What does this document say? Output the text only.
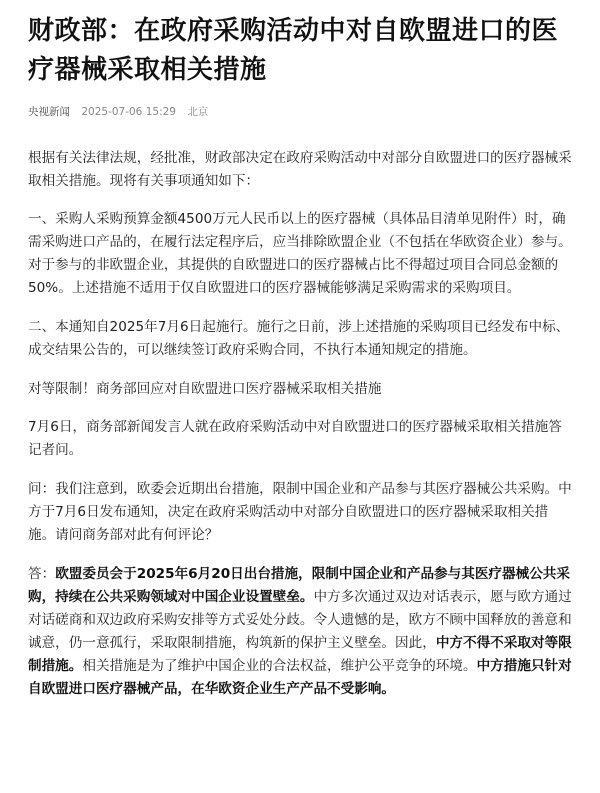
财政部：在政府采购活动中对自欧盟进口的医疗器械采取相关措施
央视新闻 2025-07-06 15:29 北京

根据有关法律法规，经批准，财政部决定在政府采购活动中对部分自欧盟进口的医疗器械采取相关措施。现将有关事项通知如下：

一、采购人采购预算金额4500万元人民币以上的医疗器械（具体品目清单见附件）时，确需采购进口产品的，在履行法定程序后，应当排除欧盟企业（不包括在华欧资企业）参与。对于参与的非欧盟企业，其提供的自欧盟进口的医疗器械占比不得超过项目合同总金额的50%。上述措施不适用于仅自欧盟进口的医疗器械能够满足采购需求的采购项目。

二、本通知自2025年7月6日起施行。施行之日前，涉上述措施的采购项目已经发布中标、成交结果公告的，可以继续签订政府采购合同，不执行本通知规定的措施。

对等限制！商务部回应对自欧盟进口医疗器械采取相关措施

7月6日，商务部新闻发言人就在政府采购活动中对自欧盟进口的医疗器械采取相关措施答记者问。

问：我们注意到，欧委会近期出台措施，限制中国企业和产品参与其医疗器械公共采购。中方于7月6日发布通知，决定在政府采购活动中对部分自欧盟进口的医疗器械采取相关措施。请问商务部对此有何评论？

答：欧盟委员会于2025年6月20日出台措施，限制中国企业和产品参与其医疗器械公共采购，持续在公共采购领域对中国企业设置壁垒。中方多次通过双边对话表示，愿与欧方通过对话磋商和双边政府采购安排等方式妥处分歧。令人遗憾的是，欧方不顾中国释放的善意和诚意，仍一意孤行，采取限制措施，构筑新的保护主义壁垒。因此，中方不得不采取对等限制措施。相关措施是为了维护中国企业的合法权益，维护公平竞争的环境。中方措施只针对自欧盟进口医疗器械产品，在华欧资企业生产产品不受影响。
